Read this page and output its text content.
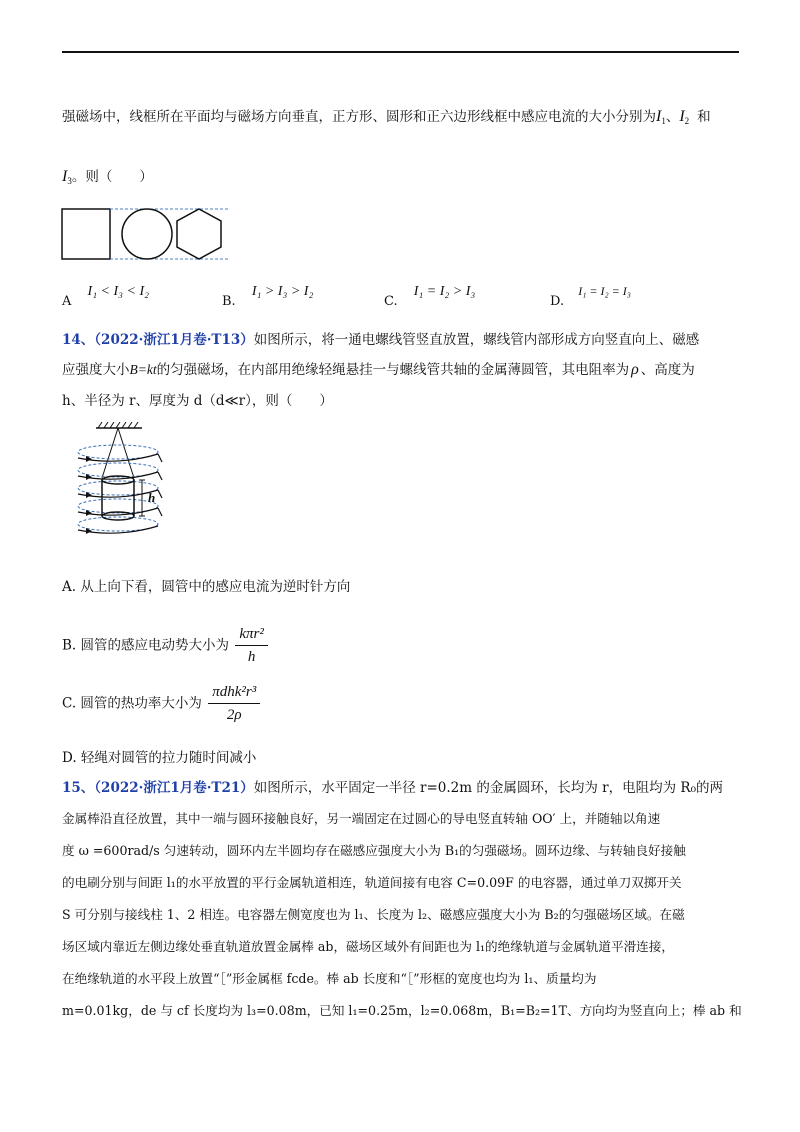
强磁场中，线框所在平面均与磁场方向垂直，正方形、圆形和正六边形线框中感应电流的大小分别为$I_1$、$I_2$ 和
$I_3$。则（　　）
A I₁ < I₃ < I₂
B. I₁ > I₃ > I₂
C. I₁ = I₂ > I₃
D. I₁ = I₂ = I₃
14、（2022·浙江1月卷·T13）如图所示，将一通电螺线管竖直放置，螺线管内部形成方向竖直向上、磁感
应强度大小B=kt的匀强磁场，在内部用绝缘轻绳悬挂一与螺线管共轴的金属薄圆管，其电阻率为 ρ 、高度为
h、半径为 r、厚度为 d（d≪r），则（　　）
h
A. 从上向下看，圆管中的感应电流为逆时针方向
B. 圆管的感应电动势大小为 $\frac{\text{kπr²}}{h}$
C. 圆管的热功率大小为 $\frac{\text{πdhk²r³}}{2\rho}$
D. 轻绳对圆管的拉力随时间减小
15、（2022·浙江1月卷·T21）如图所示，水平固定一半径 r=0.2m 的金属圆环，长均为 r，电阻均为 R₀的两
金属棒沿直径放置，其中一端与圆环接触良好，另一端固定在过圆心的导电竖直转轴 OO′ 上，并随轴以角速
度 ω =600rad/s 匀速转动，圆环内左半圆均存在磁感应强度大小为 B₁的匀强磁场。圆环边缘、与转轴良好接触
的电刷分别与间距 l₁的水平放置的平行金属轨道相连，轨道间接有电容 C=0.09F 的电容器，通过单刀双掷开关
S 可分别与接线柱 1、2 相连。电容器左侧宽度也为 l₁、长度为 l₂、磁感应强度大小为 B₂的匀强磁场区域。在磁
场区域内靠近左侧边缘处垂直轨道放置金属棒 ab，磁场区域外有间距也为 l₁的绝缘轨道与金属轨道平滑连接，
在绝缘轨道的水平段上放置“［”形金属框 fcde。棒 ab 长度和“［”形框的宽度也均为 l₁、质量均为
m=0.01kg，de 与 cf 长度均为 l₃=0.08m，已知 l₁=0.25m，l₂=0.068m，B₁=B₂=1T、方向均为竖直向上；棒 ab 和
